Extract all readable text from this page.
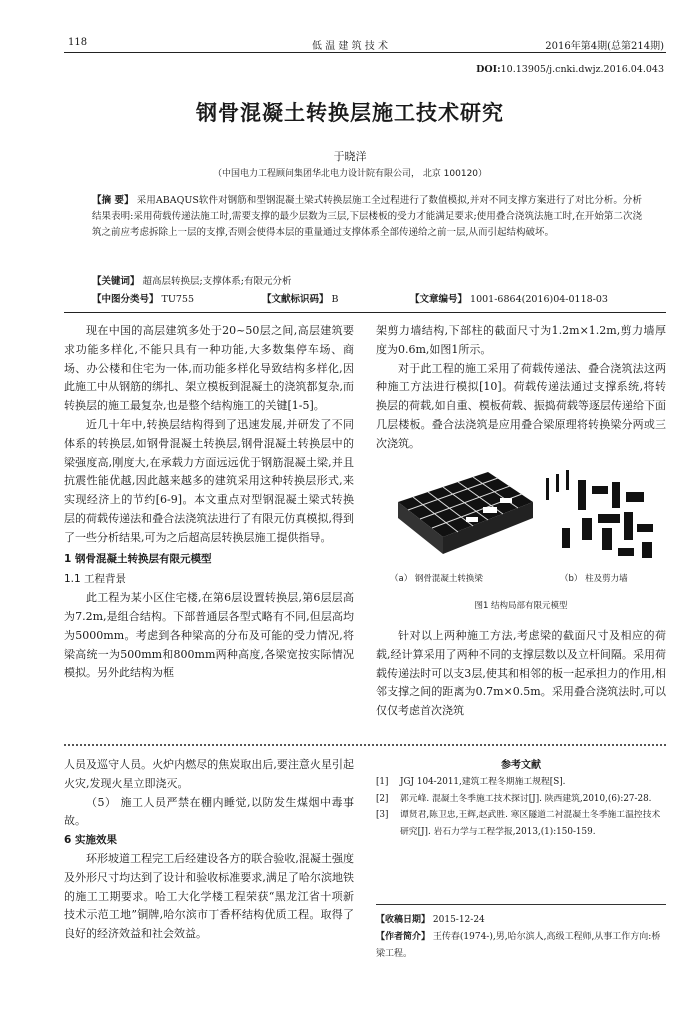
118	低 温 建 筑 技 术	2016年第4期(总第214期)
DOI:10.13905/j.cnki.dwjz.2016.04.043
钢骨混凝土转换层施工技术研究
于晓洋
（中国电力工程顾问集团华北电力设计院有限公司， 北京 100120）
【摘 要】 采用ABAQUS软件对钢筋和型钢混凝土梁式转换层施工全过程进行了数值模拟,并对不同支撑方案进行了对比分析。分析结果表明:采用荷载传递法施工时,需要支撑的最少层数为三层,下层楼板的受力才能满足要求;使用叠合浇筑法施工时,在开始第二次浇筑之前应考虑拆除上一层的支撑,否则会使得本层的重量通过支撑体系全部传递给之前一层,从而引起结构破坏。
【关键词】 超高层转换层;支撑体系;有限元分析
【中图分类号】 TU755	【文献标识码】 B	【文章编号】 1001-6864(2016)04-0118-03

现在中国的高层建筑多处于20~50层之间,高层建筑要求功能多样化,不能只具有一种功能,大多数集停车场、商场、办公楼和住宅为一体,而功能多样化导致结构多样化,因此施工中从钢筋的绑扎、架立模板到混凝土的浇筑都复杂,而转换层的施工最复杂,也是整个结构施工的关键[1-5]。

近几十年中,转换层结构得到了迅速发展,并研发了不同体系的转换层,如钢骨混凝土转换层,钢骨混凝土转换层中的梁强度高,刚度大,在承载力方面远远优于钢筋混凝土梁,并且抗震性能优越,因此越来越多的建筑采用这种转换层形式,来实现经济上的节约[6-9]。本文重点对型钢混凝土梁式转换层的荷载传递法和叠合法浇筑法进行了有限元仿真模拟,得到了一些分析结果,可为之后超高层转换层施工提供指导。

1 钢骨混凝土转换层有限元模型
1.1 工程背景

此工程为某小区住宅楼,在第6层设置转换层,第6层层高为7.2m,是组合结构。下部普通层各型式略有不同,但层高均为5000mm。考虑到各种梁高的分布及可能的受力情况,将梁高统一为500mm和800mm两种高度,各梁宽按实际情况模拟。另外此结构为框

架剪力墙结构,下部柱的截面尺寸为1.2m×1.2m,剪力墙厚度为0.6m,如图1所示。

对于此工程的施工采用了荷载传递法、叠合浇筑法这两种施工方法进行模拟[10]。荷载传递法通过支撑系统,将转换层的荷载,如自重、模板荷载、振捣荷载等逐层传递给下面几层楼板。叠合法浇筑是应用叠合梁原理将转换梁分两或三次浇筑。

（a） 钢骨混凝土转换梁	（b） 柱及剪力墙
图1 结构局部有限元模型

针对以上两种施工方法,考虑梁的截面尺寸及相应的荷载,经计算采用了两种不同的支撑层数以及立杆间隔。采用荷载传递法时可以支3层,使其和相邻的板一起承担力的作用,相邻支撑之间的距离为0.7m×0.5m。采用叠合浇筑法时,可以仅仅考虑首次浇筑

人员及巡守人员。火炉内燃尽的焦炭取出后,要注意火星引起火灾,发现火星立即浇灭。

（5） 施工人员严禁在棚内睡觉,以防发生煤烟中毒事故。

6 实施效果

环形坡道工程完工后经建设各方的联合验收,混凝土强度及外形尺寸均达到了设计和验收标准要求,满足了哈尔滨地铁的施工工期要求。哈工大化学楼工程荣获“黑龙江省十项新技术示范工地”铜牌,哈尔滨市丁香杯结构优质工程。取得了良好的经济效益和社会效益。

参考文献
[1] JGJ 104-2011,建筑工程冬期施工规程[S].
[2] 郭元峰. 混凝土冬季施工技术探讨[J]. 陕西建筑,2010,(6):27-28.
[3] 谭贤君,陈卫忠,王辉,赵武胜. 寒区隧道二衬混凝土冬季施工温控技术研究[J]. 岩石力学与工程学报,2013,(1):150-159.
【收稿日期】 2015-12-24
【作者简介】 王传春(1974-),男,哈尔滨人,高级工程师,从事工作方向:桥梁工程。
